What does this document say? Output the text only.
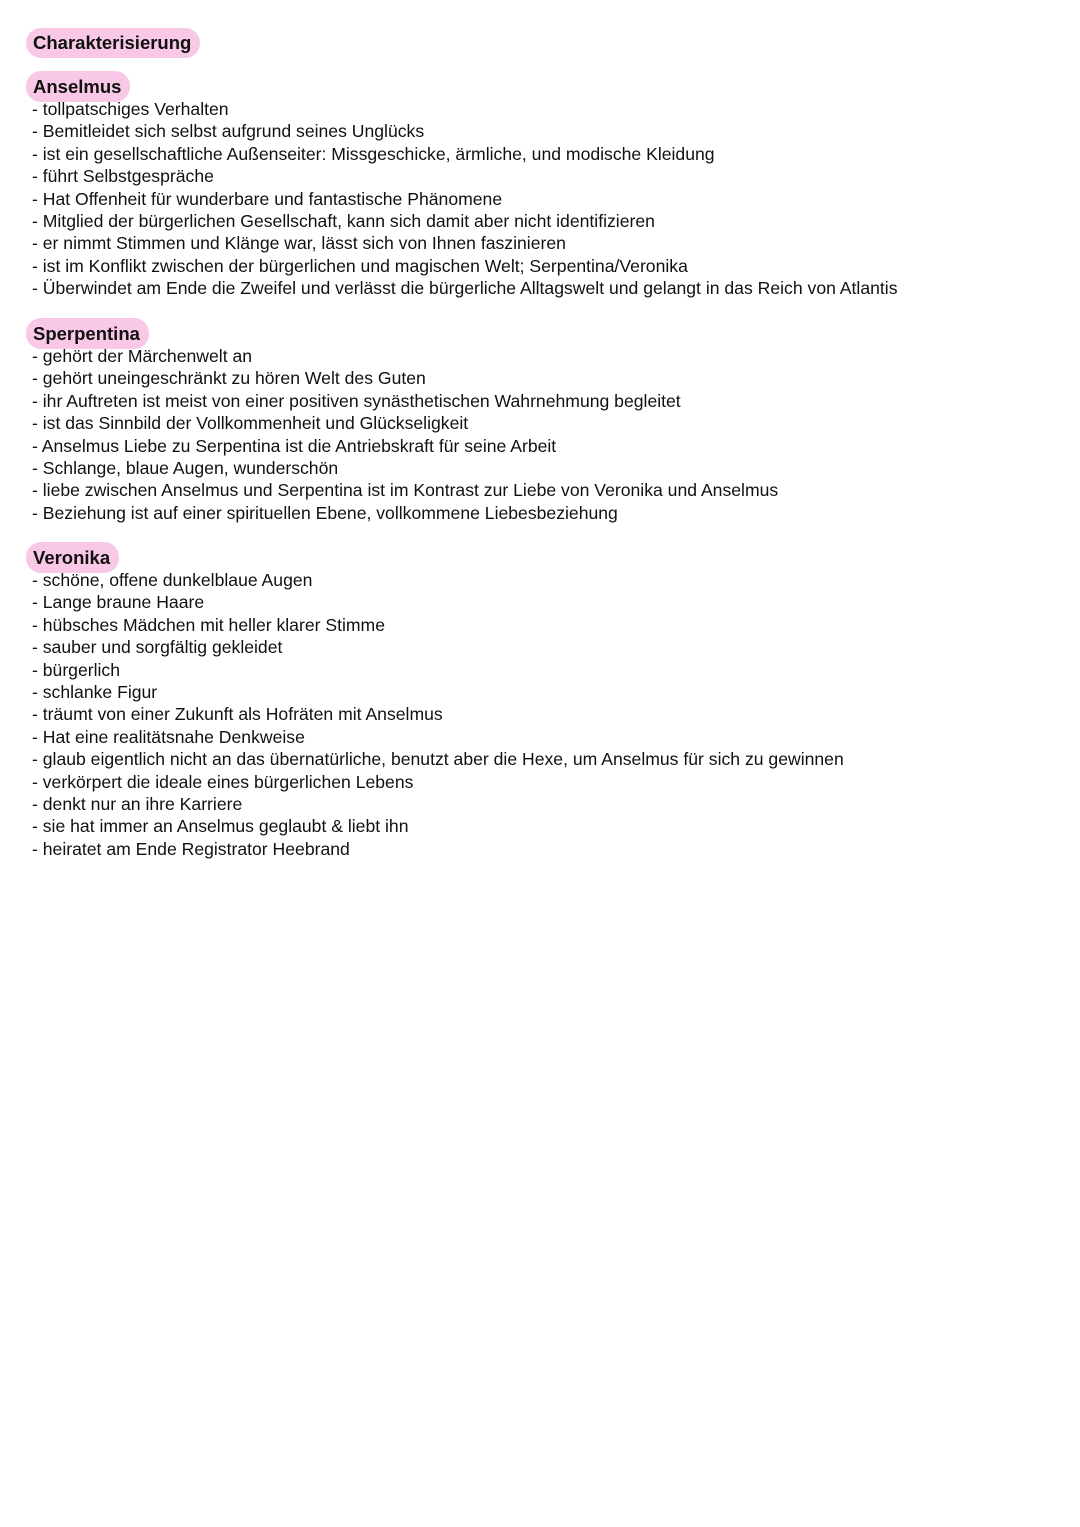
Charakterisierung
Anselmus
- tollpatschiges Verhalten
- Bemitleidet sich selbst aufgrund seines Unglücks
- ist ein gesellschaftliche Außenseiter: Missgeschicke, ärmliche, und modische Kleidung
- führt Selbstgespräche
- Hat Offenheit für wunderbare und fantastische Phänomene
- Mitglied der bürgerlichen Gesellschaft, kann sich damit aber nicht identifizieren
- er nimmt Stimmen und Klänge war, lässt sich von Ihnen faszinieren
- ist im Konflikt zwischen der bürgerlichen und magischen Welt; Serpentina/Veronika
- Überwindet am Ende die Zweifel und verlässt die bürgerliche Alltagswelt und gelangt in das Reich von Atlantis
Sperpentina
- gehört der Märchenwelt an
- gehört uneingeschränkt zu hören Welt des Guten
- ihr Auftreten ist meist von einer positiven synästhetischen Wahrnehmung begleitet
- ist das Sinnbild der Vollkommenheit und Glückseligkeit
- Anselmus Liebe zu Serpentina ist die Antriebskraft für seine Arbeit
- Schlange, blaue Augen, wunderschön
- liebe zwischen Anselmus und Serpentina ist im Kontrast zur Liebe von Veronika und Anselmus
- Beziehung ist auf einer spirituellen Ebene, vollkommene Liebesbeziehung
Veronika
- schöne, offene dunkelblaue Augen
- Lange braune Haare
- hübsches Mädchen mit heller klarer Stimme
- sauber und sorgfältig gekleidet
- bürgerlich
- schlanke Figur
- träumt von einer Zukunft als Hofräten mit Anselmus
- Hat eine realitätsnahe Denkweise
- glaub eigentlich nicht an das übernatürliche, benutzt aber die Hexe, um Anselmus für sich zu gewinnen
- verkörpert die ideale eines bürgerlichen Lebens
- denkt nur an ihre Karriere
- sie hat immer an Anselmus geglaubt & liebt ihn
- heiratet am Ende Registrator Heebrand
